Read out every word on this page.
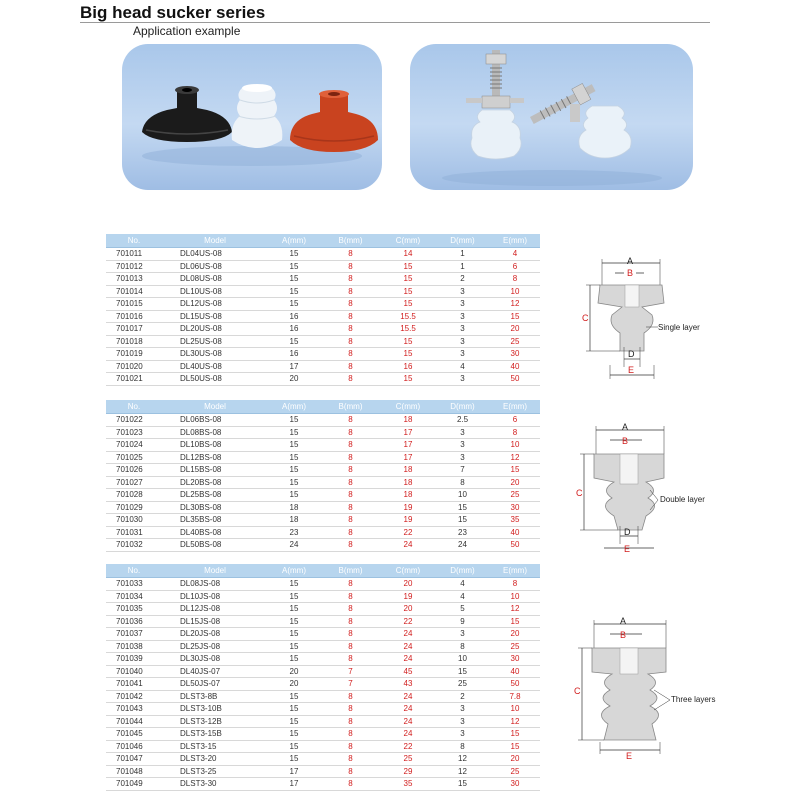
Big head sucker series
Application example
No.	Model	A(mm)	B(mm)	C(mm)	D(mm)	E(mm)
701011	DL04US-08	15	8	14	1	4
701012	DL06US-08	15	8	15	1	6
701013	DL08US-08	15	8	15	2	8
701014	DL10US-08	15	8	15	3	10
701015	DL12US-08	15	8	15	3	12
701016	DL15US-08	16	8	15.5	3	15
701017	DL20US-08	16	8	15.5	3	20
701018	DL25US-08	15	8	15	3	25
701019	DL30US-08	16	8	15	3	30
701020	DL40US-08	17	8	16	4	40
701021	DL50US-08	20	8	15	3	50
No.	Model	A(mm)	B(mm)	C(mm)	D(mm)	E(mm)
701022	DL06BS-08	15	8	18	2.5	6
701023	DL08BS-08	15	8	17	3	8
701024	DL10BS-08	15	8	17	3	10
701025	DL12BS-08	15	8	17	3	12
701026	DL15BS-08	15	8	18	7	15
701027	DL20BS-08	15	8	18	8	20
701028	DL25BS-08	15	8	18	10	25
701029	DL30BS-08	18	8	19	15	30
701030	DL35BS-08	18	8	19	15	35
701031	DL40BS-08	23	8	22	23	40
701032	DL50BS-08	24	8	24	24	50
No.	Model	A(mm)	B(mm)	C(mm)	D(mm)	E(mm)
701033	DL08JS-08	15	8	20	4	8
701034	DL10JS-08	15	8	19	4	10
701035	DL12JS-08	15	8	20	5	12
701036	DL15JS-08	15	8	22	9	15
701037	DL20JS-08	15	8	24	3	20
701038	DL25JS-08	15	8	24	8	25
701039	DL30JS-08	15	8	24	10	30
701040	DL40JS-07	20	7	45	15	40
701041	DL50JS-07	20	7	43	25	50
701042	DLST3-8B	15	8	24	2	7.8
701043	DLST3-10B	15	8	24	3	10
701044	DLST3-12B	15	8	24	3	12
701045	DLST3-15B	15	8	24	3	15
701046	DLST3-15	15	8	22	8	15
701047	DLST3-20	15	8	25	12	20
701048	DLST3-25	17	8	29	12	25
701049	DLST3-30	17	8	35	15	30
A
B
C
Single layer
D
E
A
B
C
Double layer
D
E
A
B
C
Three layers
E
